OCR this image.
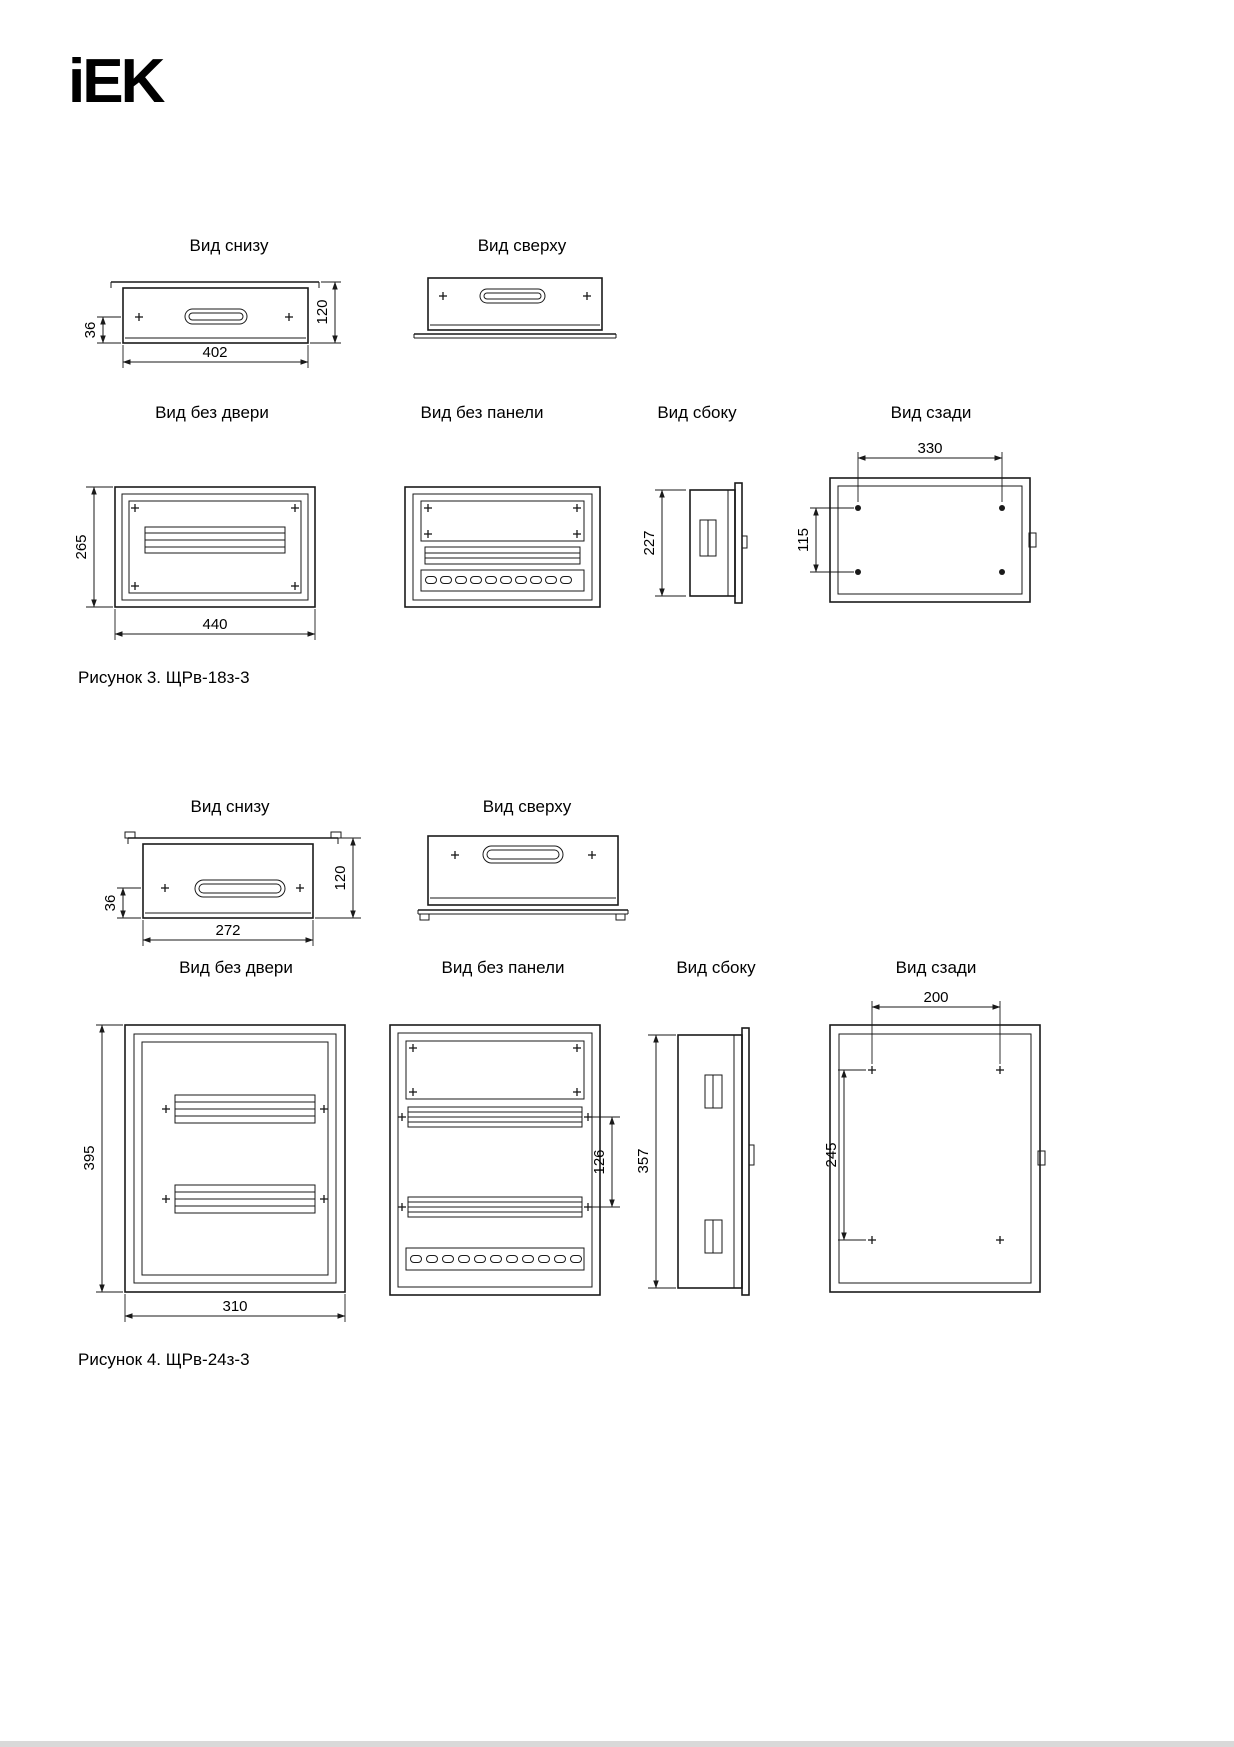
iEK
Вид снизу	Вид сверху
Вид без двери	Вид без панели	Вид сбоку	Вид сзади
36
402
120
265
440
227
330
115
Рисунок 3. ЩРв-18з-3
Вид снизу	Вид сверху
Вид без двери	Вид без панели	Вид сбоку	Вид сзади
36
272
120
395
310
126 357
200
245
Рисунок 4. ЩРв-24з-3
